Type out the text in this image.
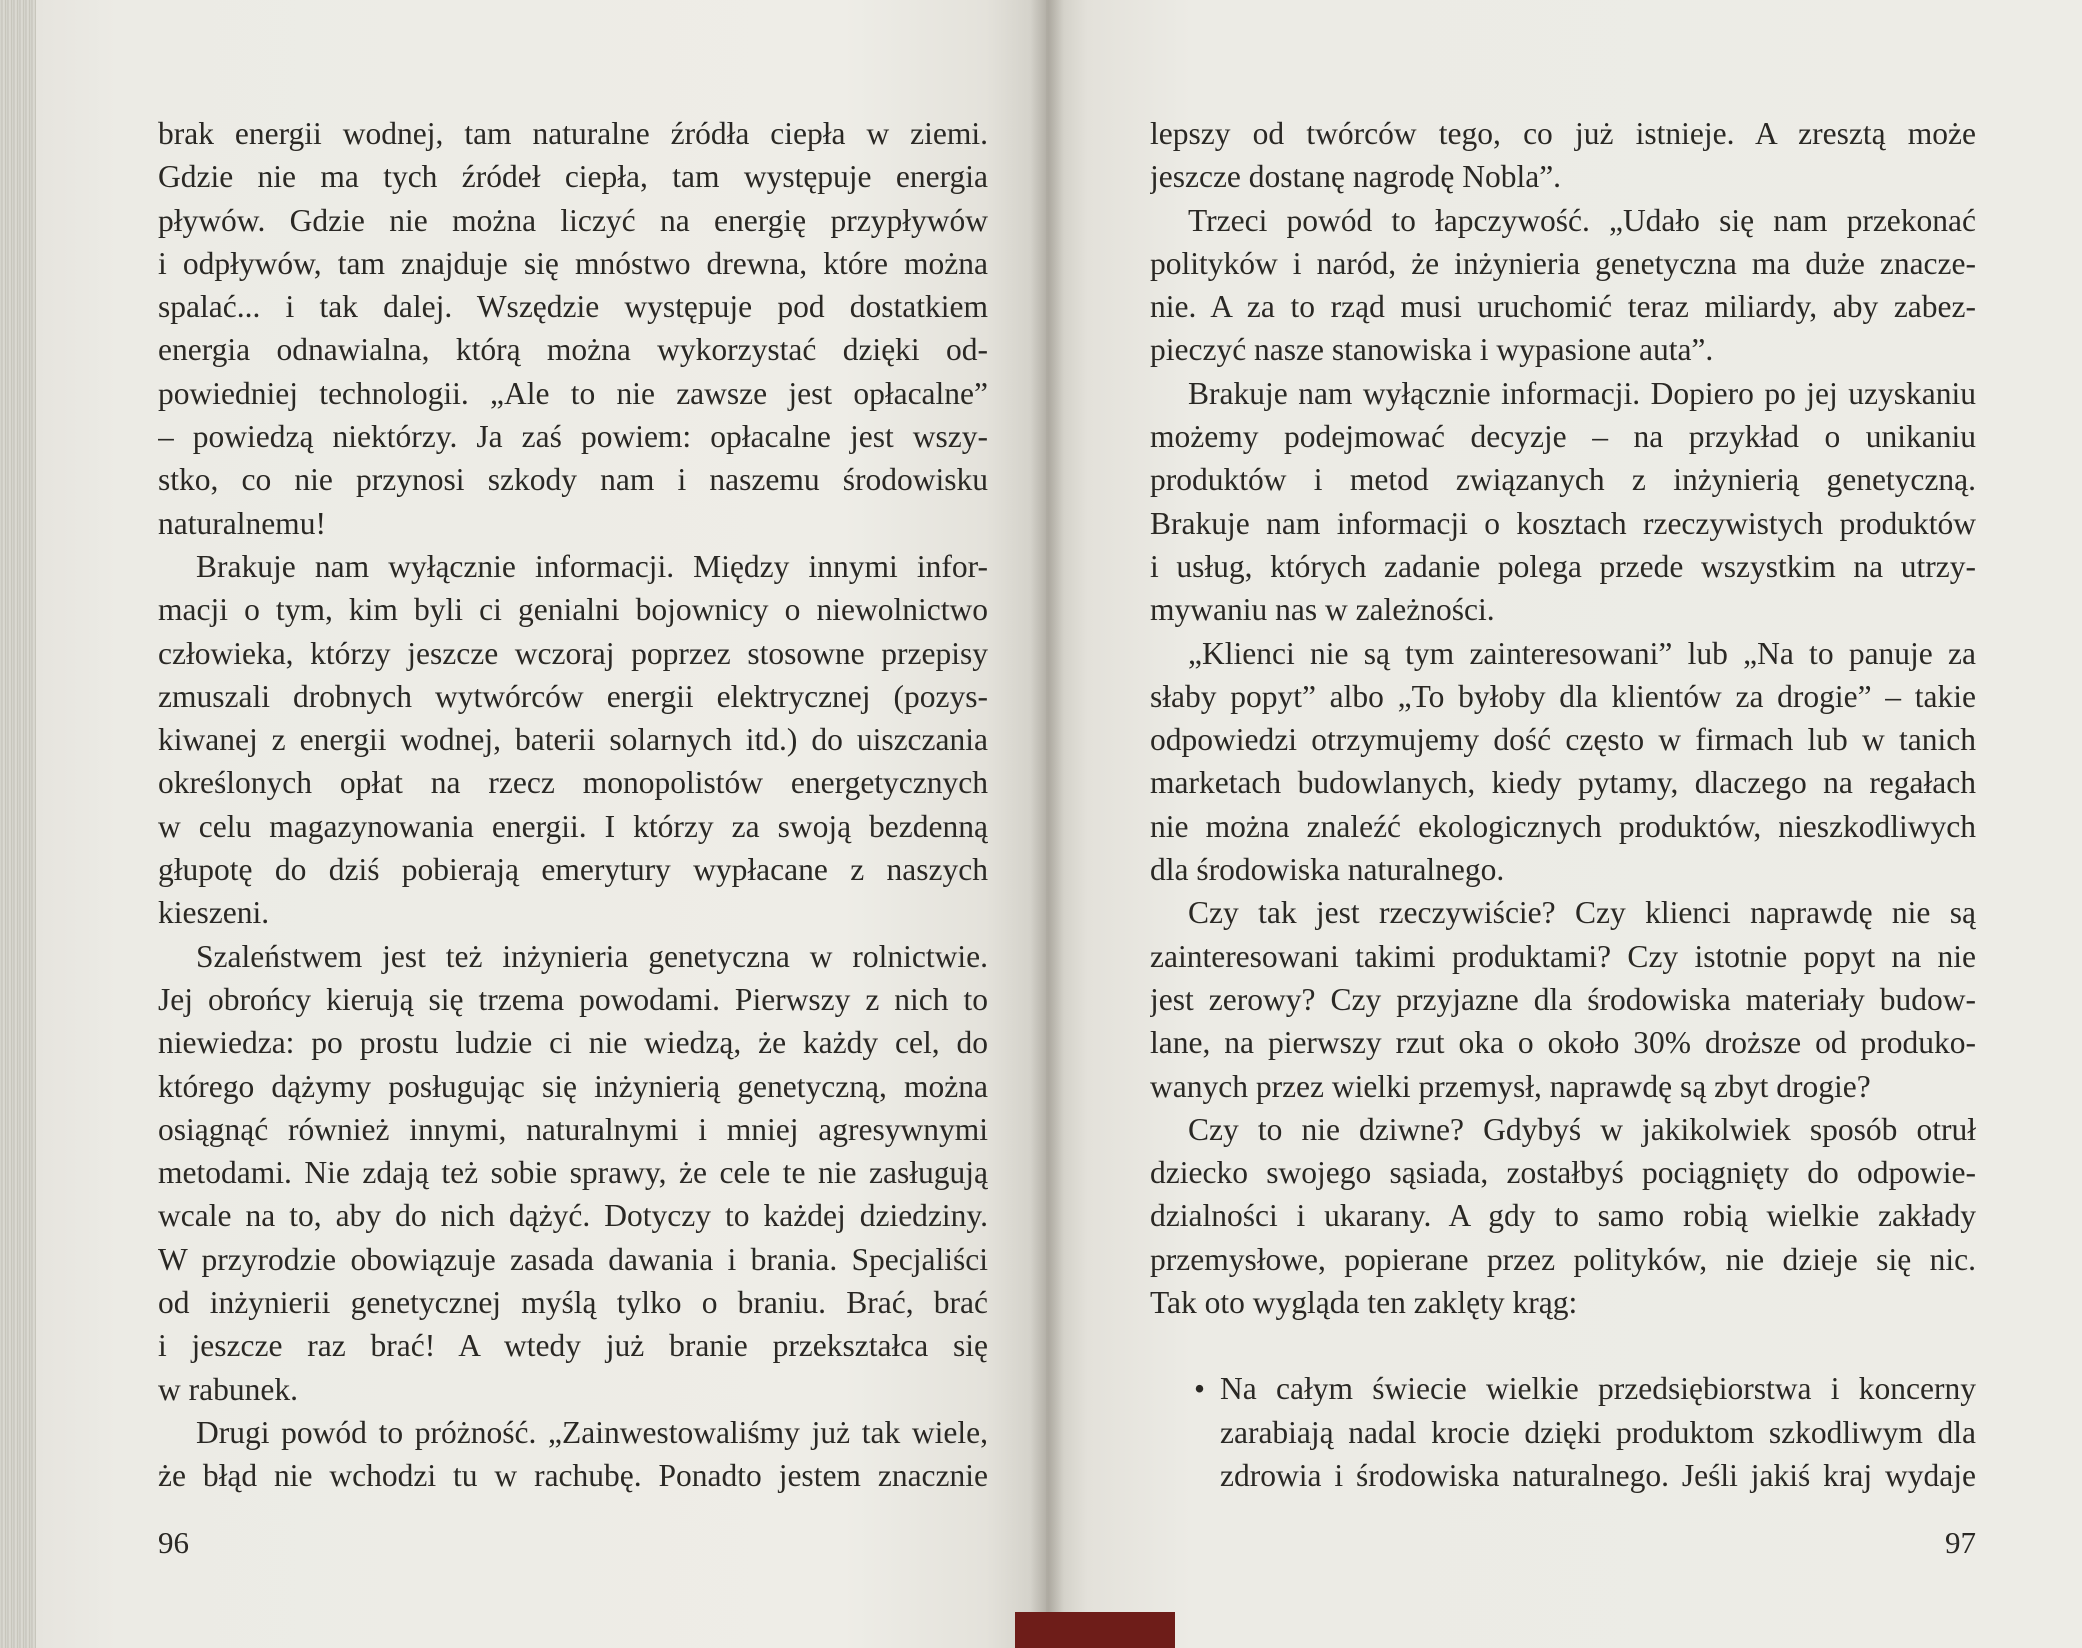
brak energii wodnej, tam naturalne źródła ciepła w ziemi.
Gdzie nie ma tych źródeł ciepła, tam występuje energia
pływów. Gdzie nie można liczyć na energię przypływów
i odpływów, tam znajduje się mnóstwo drewna, które można
spalać... i tak dalej. Wszędzie występuje pod dostatkiem
energia odnawialna, którą można wykorzystać dzięki od-
powiedniej technologii. „Ale to nie zawsze jest opłacalne”
– powiedzą niektórzy. Ja zaś powiem: opłacalne jest wszy-
stko, co nie przynosi szkody nam i naszemu środowisku
naturalnemu!
Brakuje nam wyłącznie informacji. Między innymi infor-
macji o tym, kim byli ci genialni bojownicy o niewolnictwo
człowieka, którzy jeszcze wczoraj poprzez stosowne przepisy
zmuszali drobnych wytwórców energii elektrycznej (pozys-
kiwanej z energii wodnej, baterii solarnych itd.) do uiszczania
określonych opłat na rzecz monopolistów energetycznych
w celu magazynowania energii. I którzy za swoją bezdenną
głupotę do dziś pobierają emerytury wypłacane z naszych
kieszeni.
Szaleństwem jest też inżynieria genetyczna w rolnictwie.
Jej obrońcy kierują się trzema powodami. Pierwszy z nich to
niewiedza: po prostu ludzie ci nie wiedzą, że każdy cel, do
którego dążymy posługując się inżynierią genetyczną, można
osiągnąć również innymi, naturalnymi i mniej agresywnymi
metodami. Nie zdają też sobie sprawy, że cele te nie zasługują
wcale na to, aby do nich dążyć. Dotyczy to każdej dziedziny.
W przyrodzie obowiązuje zasada dawania i brania. Specjaliści
od inżynierii genetycznej myślą tylko o braniu. Brać, brać
i jeszcze raz brać! A wtedy już branie przekształca się
w rabunek.
Drugi powód to próżność. „Zainwestowaliśmy już tak wiele,
że błąd nie wchodzi tu w rachubę. Ponadto jestem znacznie
96
lepszy od twórców tego, co już istnieje. A zresztą może
jeszcze dostanę nagrodę Nobla”.
Trzeci powód to łapczywość. „Udało się nam przekonać
polityków i naród, że inżynieria genetyczna ma duże znacze-
nie. A za to rząd musi uruchomić teraz miliardy, aby zabez-
pieczyć nasze stanowiska i wypasione auta”.
Brakuje nam wyłącznie informacji. Dopiero po jej uzyskaniu
możemy podejmować decyzje – na przykład o unikaniu
produktów i metod związanych z inżynierią genetyczną.
Brakuje nam informacji o kosztach rzeczywistych produktów
i usług, których zadanie polega przede wszystkim na utrzy-
mywaniu nas w zależności.
„Klienci nie są tym zainteresowani” lub „Na to panuje za
słaby popyt” albo „To byłoby dla klientów za drogie” – takie
odpowiedzi otrzymujemy dość często w firmach lub w tanich
marketach budowlanych, kiedy pytamy, dlaczego na regałach
nie można znaleźć ekologicznych produktów, nieszkodliwych
dla środowiska naturalnego.
Czy tak jest rzeczywiście? Czy klienci naprawdę nie są
zainteresowani takimi produktami? Czy istotnie popyt na nie
jest zerowy? Czy przyjazne dla środowiska materiały budow-
lane, na pierwszy rzut oka o około 30% droższe od produko-
wanych przez wielki przemysł, naprawdę są zbyt drogie?
Czy to nie dziwne? Gdybyś w jakikolwiek sposób otruł
dziecko swojego sąsiada, zostałbyś pociągnięty do odpowie-
dzialności i ukarany. A gdy to samo robią wielkie zakłady
przemysłowe, popierane przez polityków, nie dzieje się nic.
Tak oto wygląda ten zaklęty krąg:
• Na całym świecie wielkie przedsiębiorstwa i koncerny
zarabiają nadal krocie dzięki produktom szkodliwym dla
zdrowia i środowiska naturalnego. Jeśli jakiś kraj wydaje
97
